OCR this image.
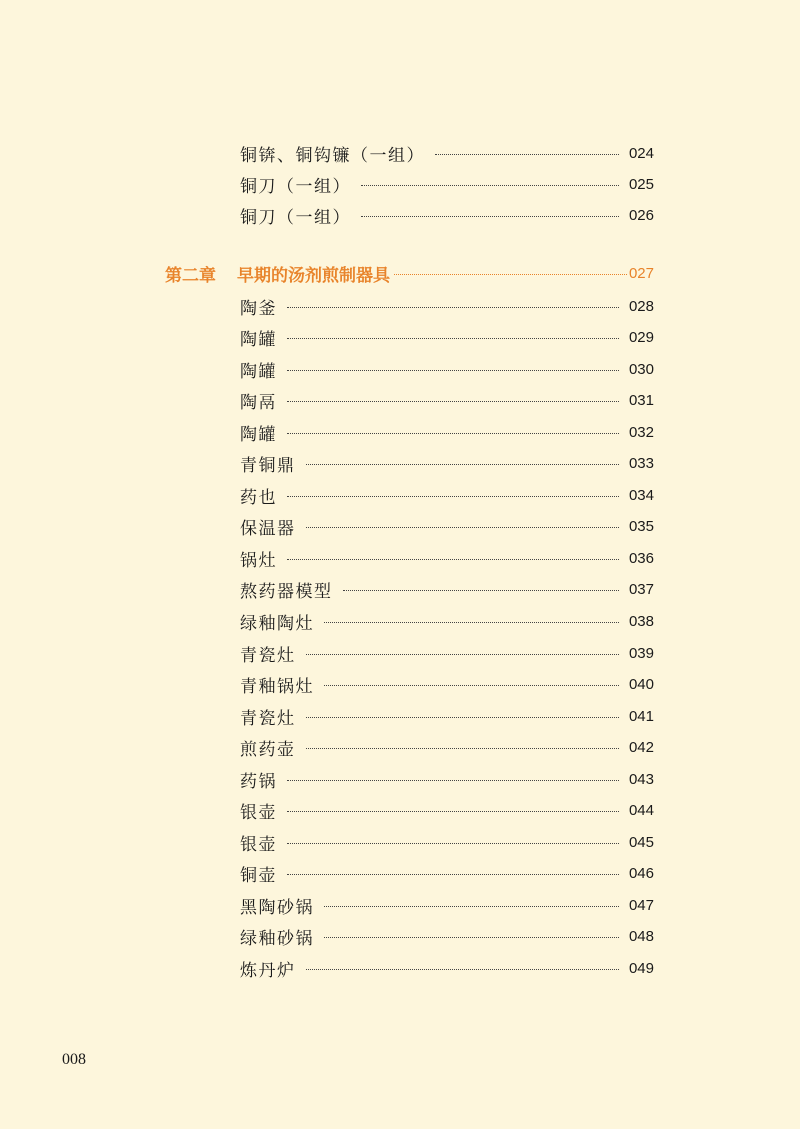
铜锛、铜钩镰（一组）	024
铜刀（一组）	025
铜刀（一组）	026
第二章	早期的汤剂煎制器具	027
陶釜	028
陶罐	029
陶罐	030
陶鬲	031
陶罐	032
青铜鼎	033
药也	034
保温器	035
锅灶	036
熬药器模型	037
绿釉陶灶	038
青瓷灶	039
青釉锅灶	040
青瓷灶	041
煎药壶	042
药锅	043
银壶	044
银壶	045
铜壶	046
黑陶砂锅	047
绿釉砂锅	048
炼丹炉	049
008
